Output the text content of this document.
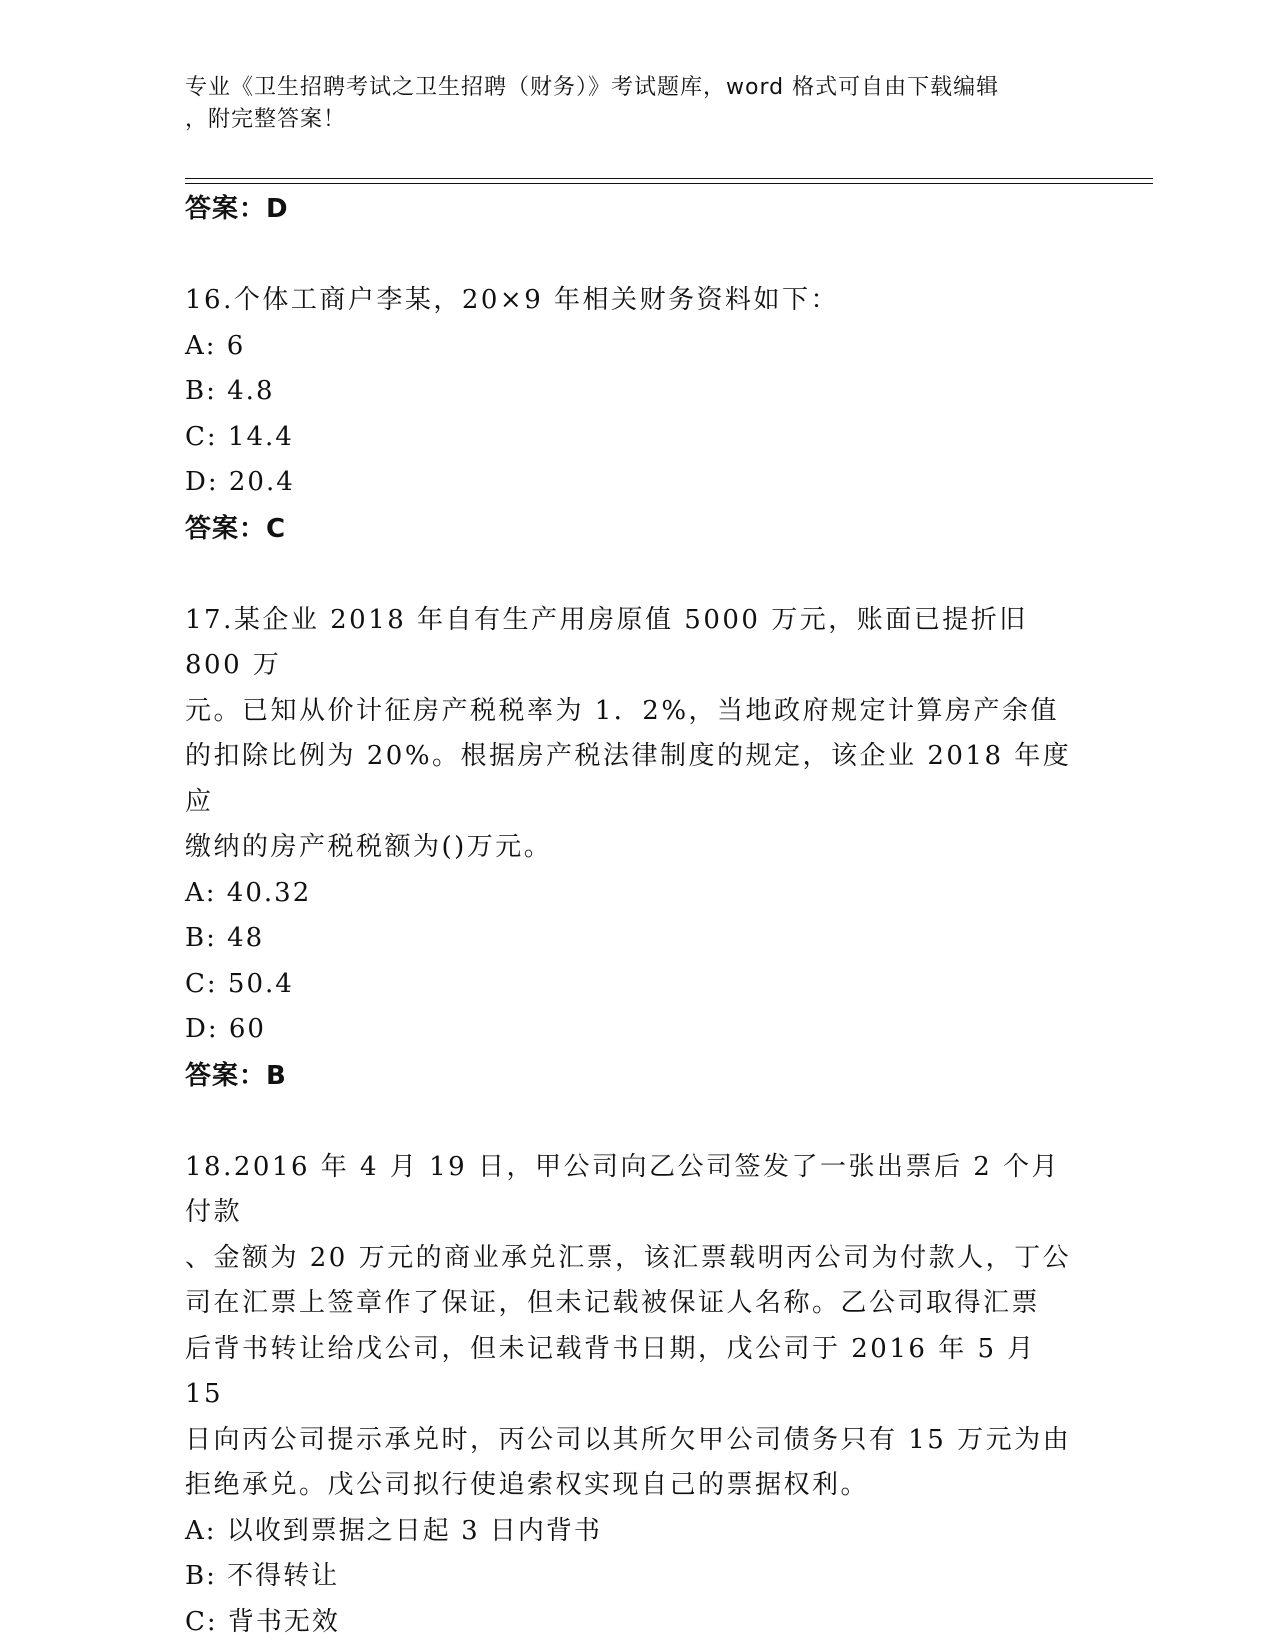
专业《卫生招聘考试之卫生招聘（财务）》考试题库，word 格式可自由下载编辑
，附完整答案！
答案：D
16.个体工商户李某，20×9 年相关财务资料如下：
A: 6
B: 4.8
C: 14.4
D: 20.4
答案：C
17.某企业 2018 年自有生产用房原值 5000 万元，账面已提折旧 800 万
元。已知从价计征房产税税率为 1．2%，当地政府规定计算房产余值
的扣除比例为 20%。根据房产税法律制度的规定，该企业 2018 年度应
缴纳的房产税税额为()万元。
A: 40.32
B: 48
C: 50.4
D: 60
答案：B
18.2016 年 4 月 19 日，甲公司向乙公司签发了一张出票后 2 个月付款
、金额为 20 万元的商业承兑汇票，该汇票载明丙公司为付款人，丁公
司在汇票上签章作了保证，但未记载被保证人名称。乙公司取得汇票
后背书转让给戊公司，但未记载背书日期，戊公司于 2016 年 5 月 15
日向丙公司提示承兑时，丙公司以其所欠甲公司债务只有 15 万元为由
拒绝承兑。戊公司拟行使追索权实现自己的票据权利。
A: 以收到票据之日起 3 日内背书
B: 不得转让
C: 背书无效
